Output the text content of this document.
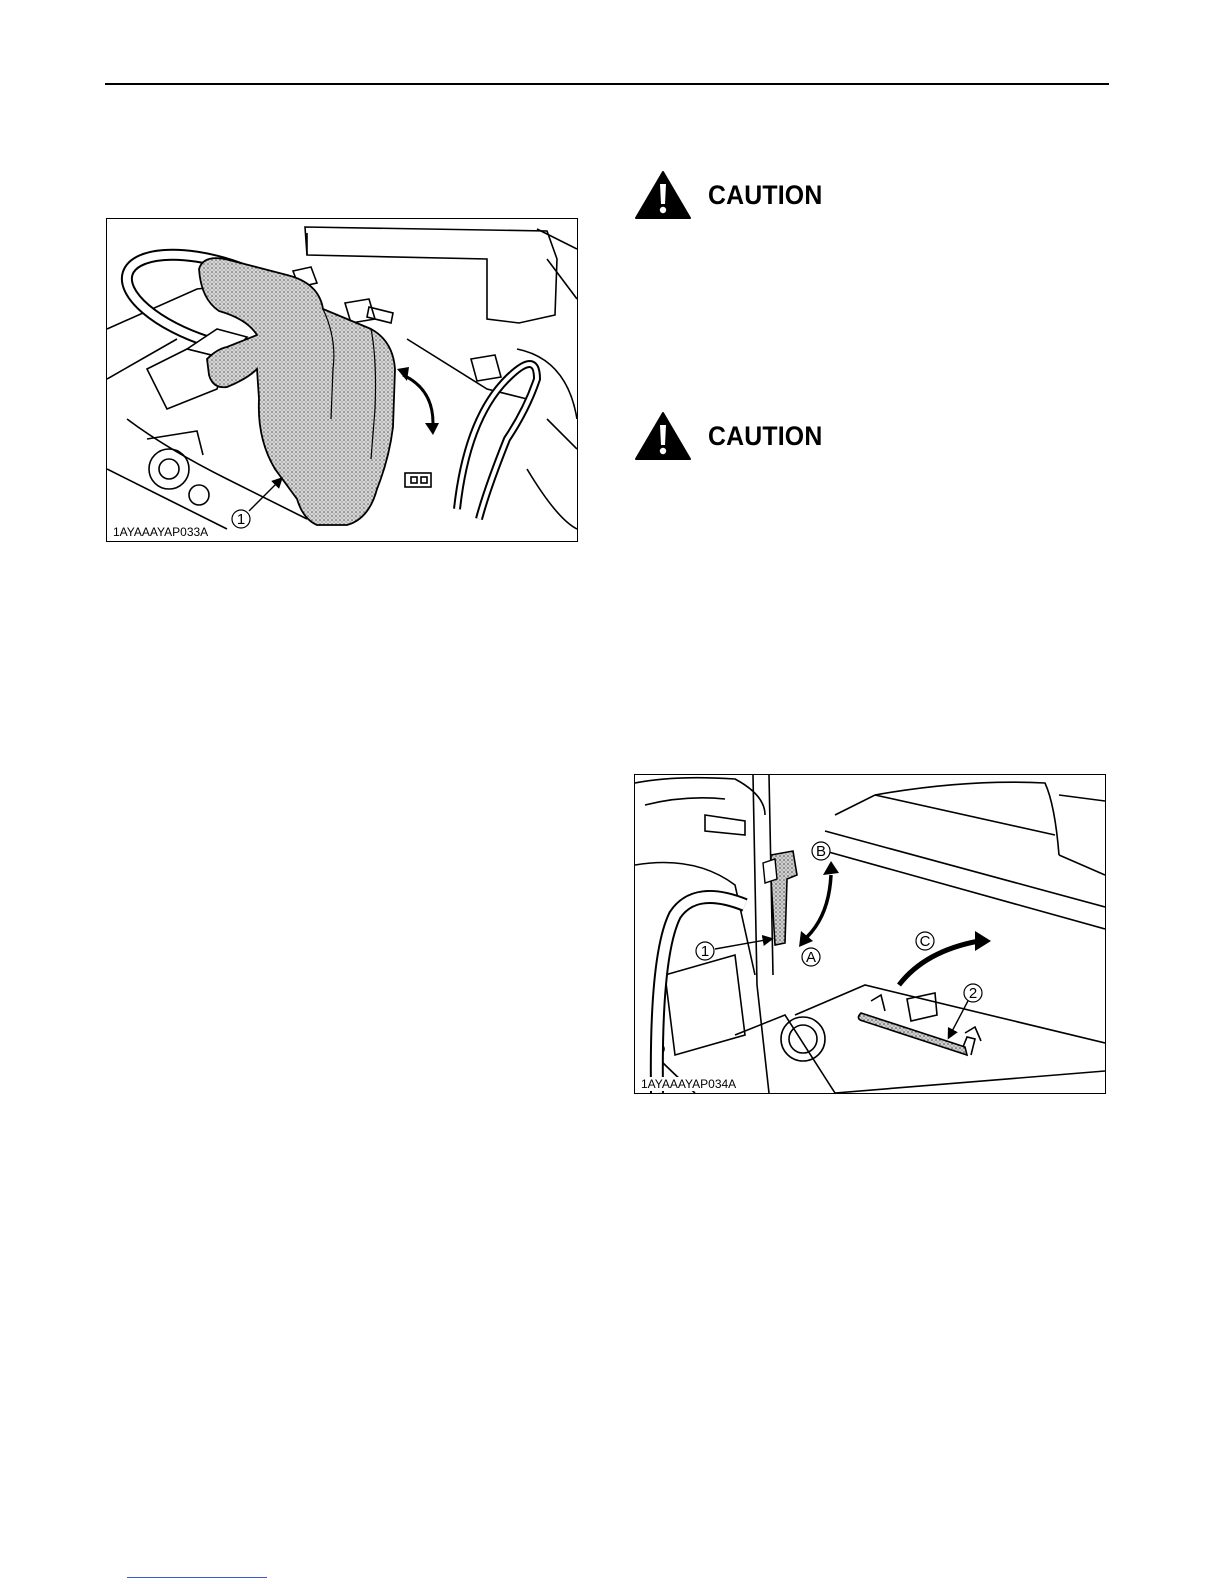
1
1AYAAAYAP033A
CAUTION
CAUTION
1
2
A
B
C
1AYAAAYAP034A
